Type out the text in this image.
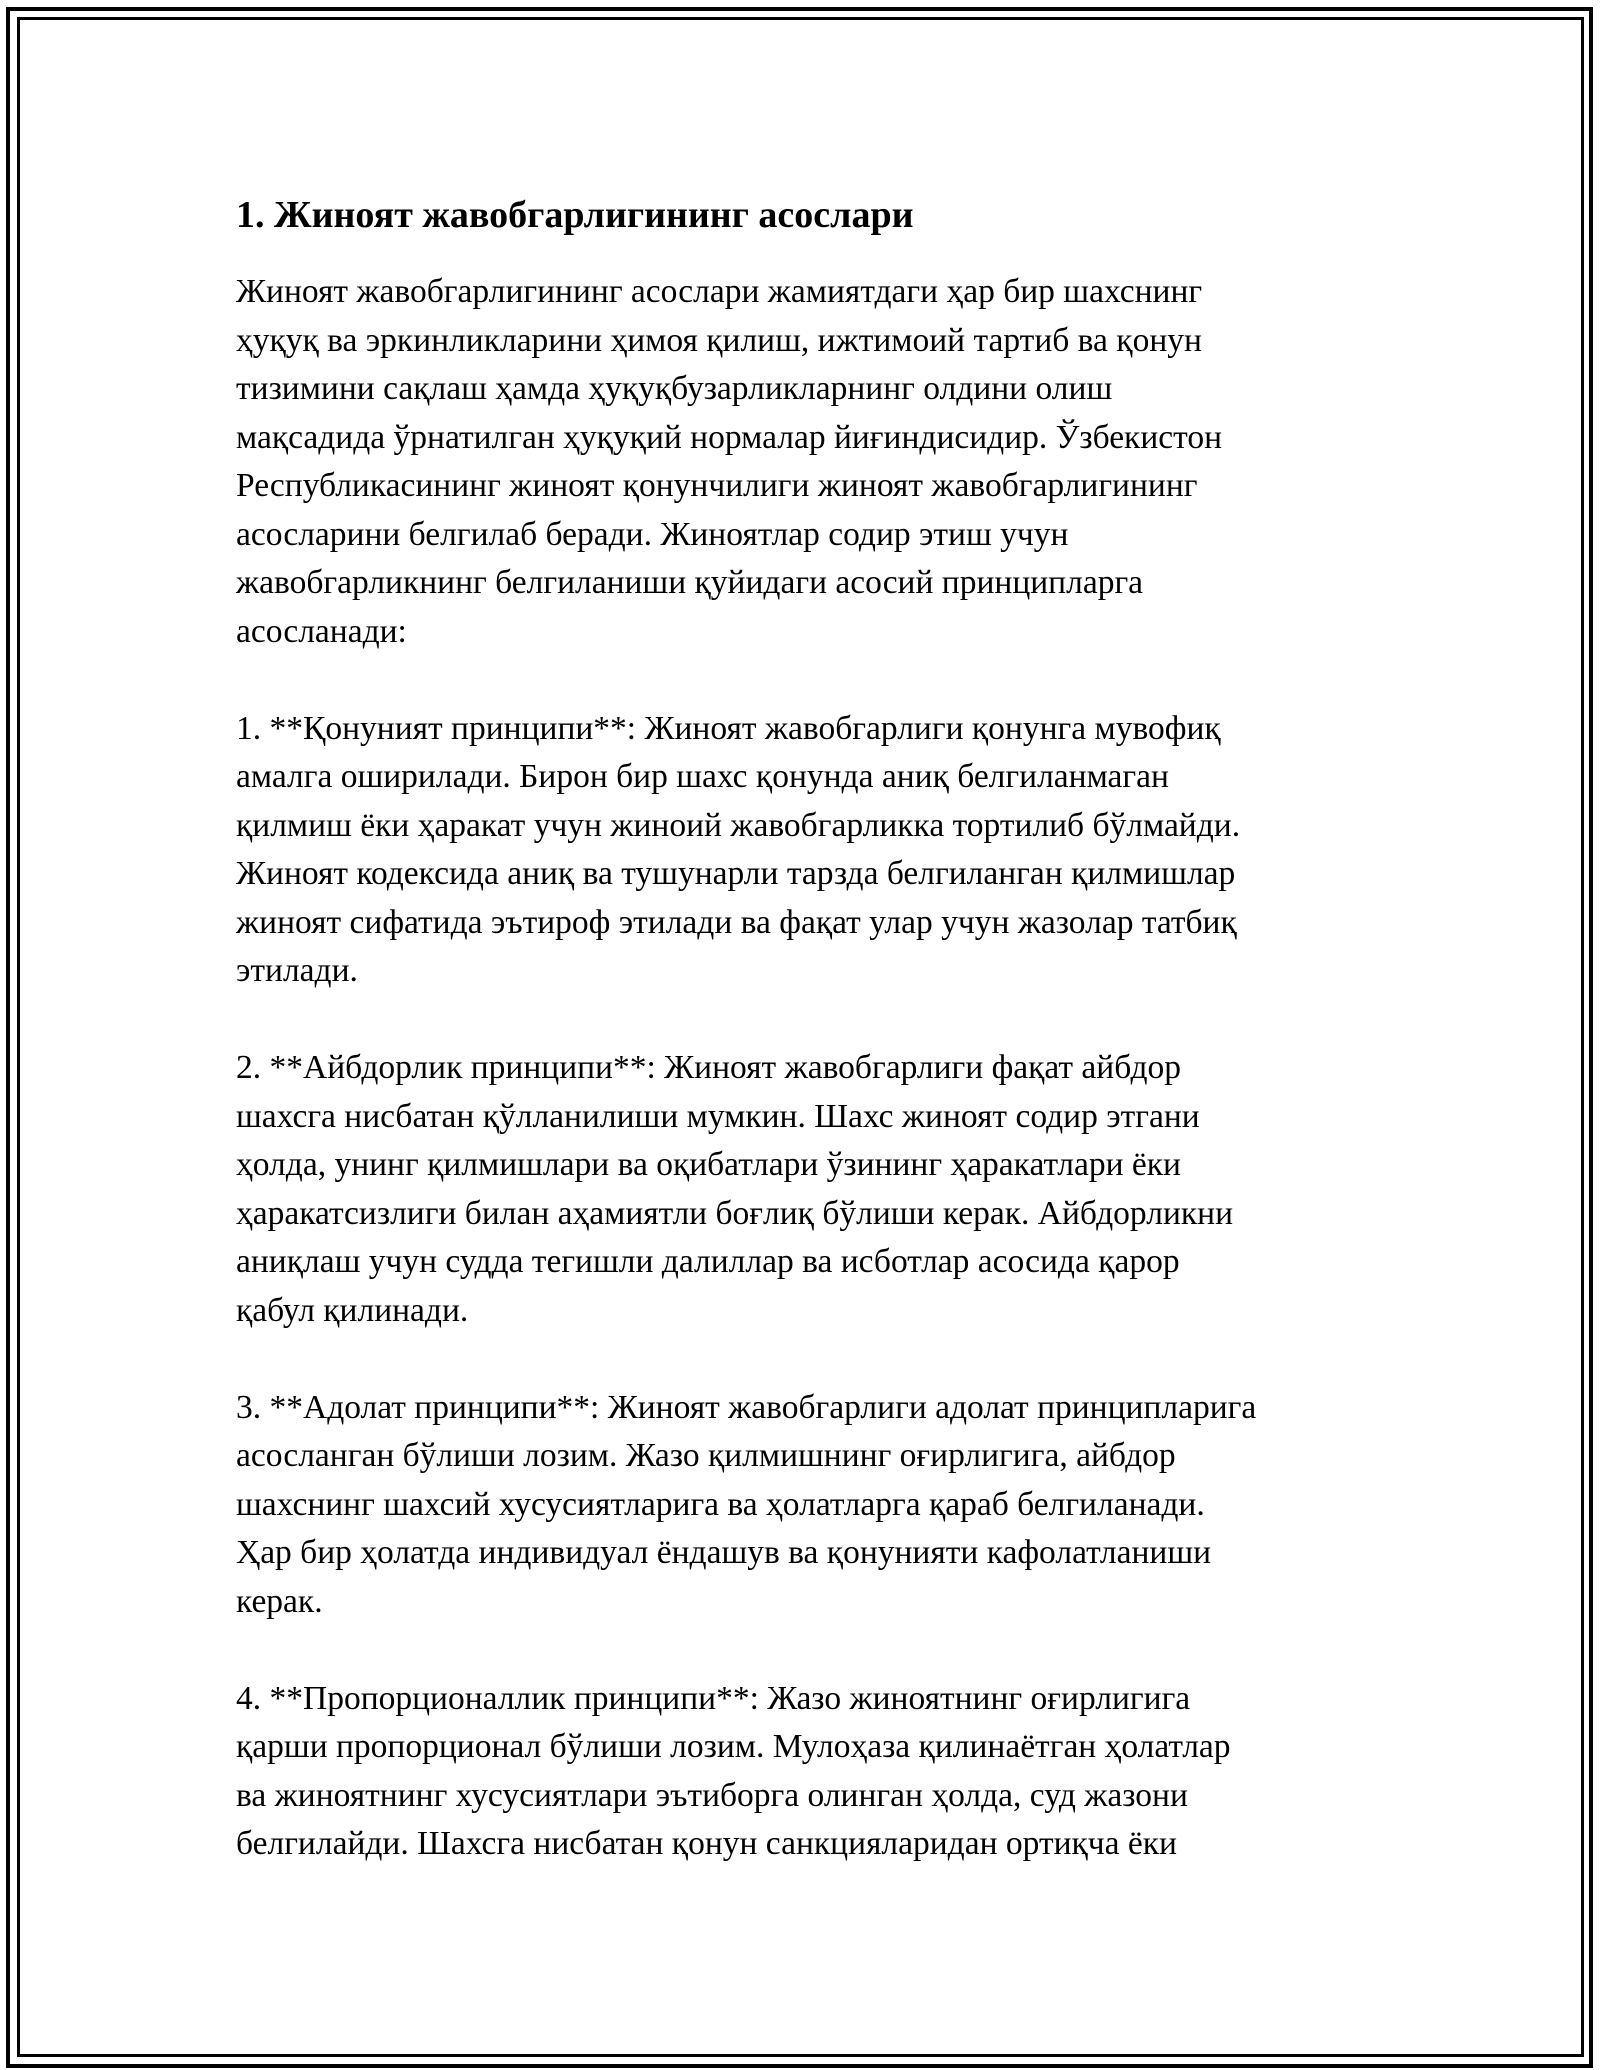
1. Жиноят жавобгарлигининг асослари

Жиноят жавобгарлигининг асослари жамиятдаги ҳар бир шахснинг
ҳуқуқ ва эркинликларини ҳимоя қилиш, ижтимоий тартиб ва қонун
тизимини сақлаш ҳамда ҳуқуқбузарликларнинг олдини олиш
мақсадида ўрнатилган ҳуқуқий нормалар йиғиндисидир. Ўзбекистон
Республикасининг жиноят қонунчилиги жиноят жавобгарлигининг
асосларини белгилаб беради. Жиноятлар содир этиш учун
жавобгарликнинг белгиланиши қуйидаги асосий принципларга
асосланади:

1. **Қонуният принципи**: Жиноят жавобгарлиги қонунга мувофиқ
амалга оширилади. Бирон бир шахс қонунда аниқ белгиланмаган
қилмиш ёки ҳаракат учун жиноий жавобгарликка тортилиб бўлмайди.
Жиноят кодексида аниқ ва тушунарли тарзда белгиланган қилмишлар
жиноят сифатида эътироф этилади ва фақат улар учун жазолар татбиқ
этилади.

2. **Айбдорлик принципи**: Жиноят жавобгарлиги фақат айбдор
шахсга нисбатан қўлланилиши мумкин. Шахс жиноят содир этгани
ҳолда, унинг қилмишлари ва оқибатлари ўзининг ҳаракатлари ёки
ҳаракатсизлиги билан аҳамиятли боғлиқ бўлиши керак. Айбдорликни
аниқлаш учун судда тегишли далиллар ва исботлар асосида қарор
қабул қилинади.

3. **Адолат принципи**: Жиноят жавобгарлиги адолат принципларига
асосланган бўлиши лозим. Жазо қилмишнинг оғирлигига, айбдор
шахснинг шахсий хусусиятларига ва ҳолатларга қараб белгиланади.
Ҳар бир ҳолатда индивидуал ёндашув ва қонунияти кафолатланиши
керак.

4. **Пропорционаллик принципи**: Жазо жиноятнинг оғирлигига
қарши пропорционал бўлиши лозим. Мулоҳаза қилинаётган ҳолатлар
ва жиноятнинг хусусиятлари эътиборга олинган ҳолда, суд жазони
белгилайди. Шахсга нисбатан қонун санкцияларидан ортиқча ёки
